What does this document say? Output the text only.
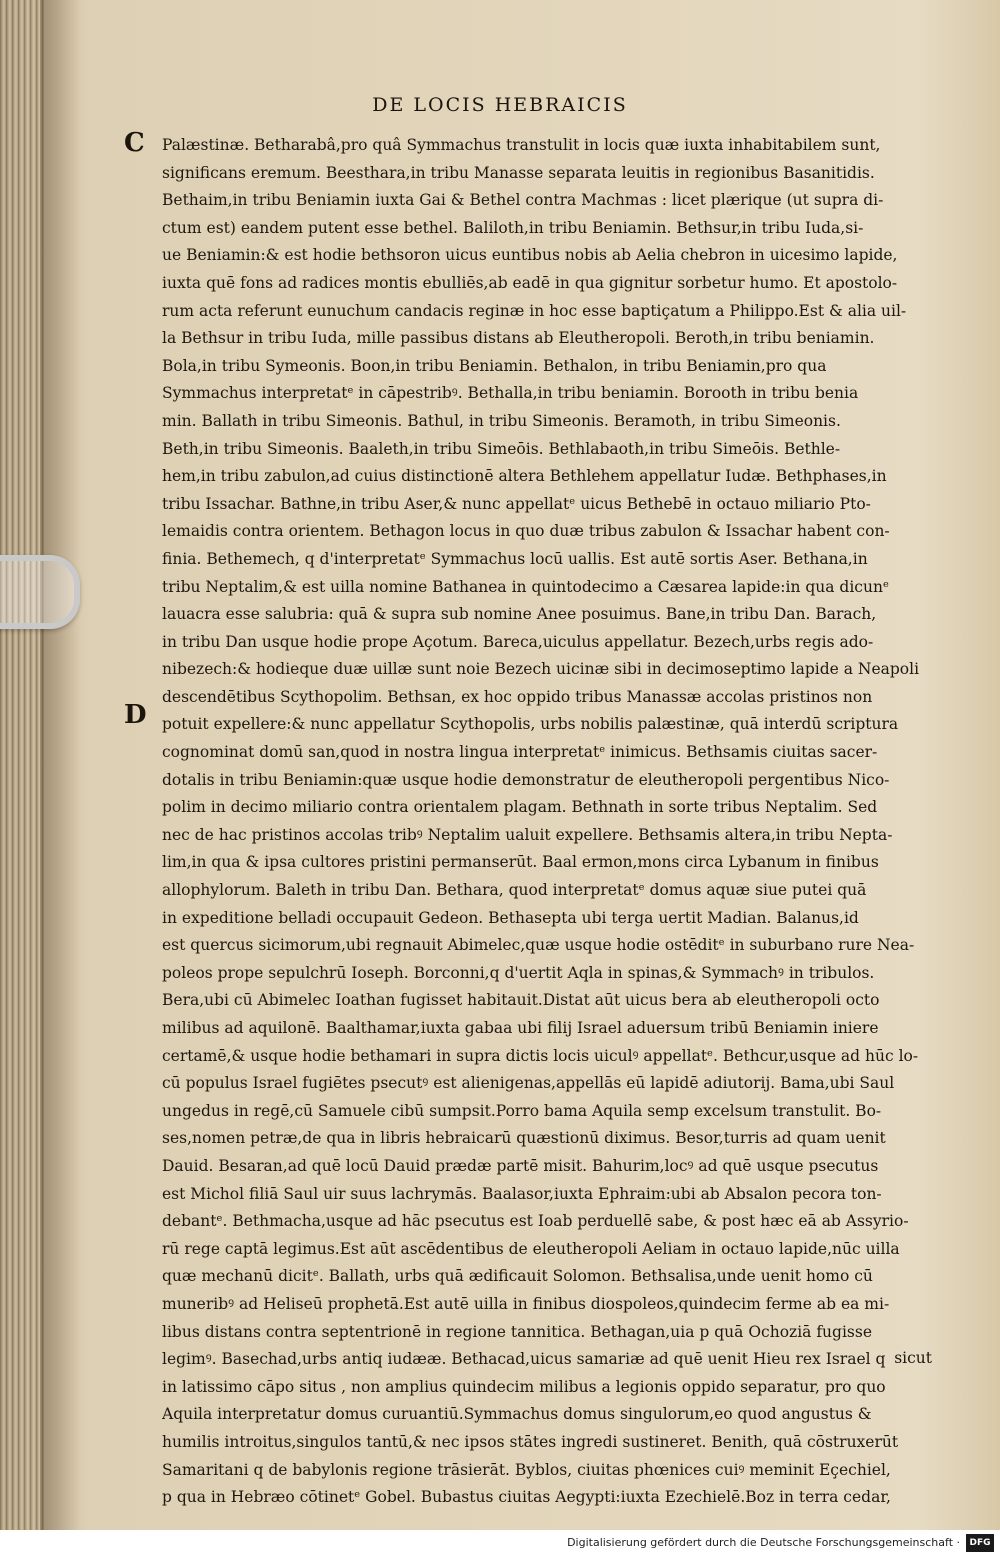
DE LOCIS HEBRAICIS
C
D
Palæstinæ. Betharabâ,pro quâ Symmachus transtulit in locis quæ iuxta inhabitabilem sunt,
significans eremum. Beesthara,in tribu Manasse separata leuitis in regionibus Basanitidis.
Bethaim,in tribu Beniamin iuxta Gai & Bethel contra Machmas : licet plærique (ut supra di-
ctum est) eandem putent esse bethel. Baliloth,in tribu Beniamin. Bethsur,in tribu Iuda,si-
ue Beniamin:& est hodie bethsoron uicus euntibus nobis ab Aelia chebron in uicesimo lapide,
iuxta quē fons ad radices montis ebulliēs,ab eadē in qua gignitur sorbetur humo. Et apostolo-
rum acta referunt eunuchum candacis reginæ in hoc esse baptiçatum a Philippo.Est & alia uil-
la Bethsur in tribu Iuda, mille passibus distans ab Eleutheropoli. Beroth,in tribu beniamin.
Bola,in tribu Symeonis. Boon,in tribu Beniamin. Bethalon, in tribu Beniamin,pro qua
Symmachus interpretatᵉ in cāpestribꝰ. Bethalla,in tribu beniamin. Borooth in tribu benia
min. Ballath in tribu Simeonis. Bathul, in tribu Simeonis. Beramoth, in tribu Simeonis.
Beth,in tribu Simeonis. Baaleth,in tribu Simeōis. Bethlabaoth,in tribu Simeōis. Bethle-
hem,in tribu zabulon,ad cuius distinctionē altera Bethlehem appellatur Iudæ. Bethphases,in
tribu Issachar. Bathne,in tribu Aser,& nunc appellatᵉ uicus Bethebē in octauo miliario Pto-
lemaidis contra orientem. Bethagon locus in quo duæ tribus zabulon & Issachar habent con-
finia. Bethemech, q d'interpretatᵉ Symmachus locū uallis. Est autē sortis Aser. Bethana,in
tribu Neptalim,& est uilla nomine Bathanea in quintodecimo a Cæsarea lapide:in qua dicunᵉ
lauacra esse salubria: quā & supra sub nomine Anee posuimus. Bane,in tribu Dan. Barach,
in tribu Dan usque hodie prope Açotum. Bareca,uiculus appellatur. Bezech,urbs regis ado-
nibezech:& hodieque duæ uillæ sunt noie Bezech uicinæ sibi in decimoseptimo lapide a Neapoli
descendētibus Scythopolim. Bethsan, ex hoc oppido tribus Manassæ accolas pristinos non
potuit expellere:& nunc appellatur Scythopolis, urbs nobilis palæstinæ, quā interdū scriptura
cognominat domū san,quod in nostra lingua interpretatᵉ inimicus. Bethsamis ciuitas sacer-
dotalis in tribu Beniamin:quæ usque hodie demonstratur de eleutheropoli pergentibus Nico-
polim in decimo miliario contra orientalem plagam. Bethnath in sorte tribus Neptalim. Sed
nec de hac pristinos accolas tribꝰ Neptalim ualuit expellere. Bethsamis altera,in tribu Nepta-
lim,in qua & ipsa cultores pristini permanserūt. Baal ermon,mons circa Lybanum in finibus
allophylorum. Baleth in tribu Dan. Bethara, quod interpretatᵉ domus aquæ siue putei quā
in expeditione belladi occupauit Gedeon. Bethasepta ubi terga uertit Madian. Balanus,id
est quercus sicimorum,ubi regnauit Abimelec,quæ usque hodie ostēditᵉ in suburbano rure Nea-
poleos prope sepulchrū Ioseph. Borconni,q d'uertit Aqla in spinas,& Symmachꝰ in tribulos.
Bera,ubi cū Abimelec Ioathan fugisset habitauit.Distat aūt uicus bera ab eleutheropoli octo
milibus ad aquilonē. Baalthamar,iuxta gabaa ubi filij Israel aduersum tribū Beniamin iniere
certamē,& usque hodie bethamari in supra dictis locis uiculꝰ appellatᵉ. Bethcur,usque ad hūc lo-
cū populus Israel fugiētes psecutꝰ est alienigenas,appellās eū lapidē adiutorij. Bama,ubi Saul
ungedus in regē,cū Samuele cibū sumpsit.Porro bama Aquila semp excelsum transtulit. Bo-
ses,nomen petræ,de qua in libris hebraicarū quæstionū diximus. Besor,turris ad quam uenit
Dauid. Besaran,ad quē locū Dauid prædæ partē misit. Bahurim,locꝰ ad quē usque psecutus
est Michol filiā Saul uir suus lachrymās. Baalasor,iuxta Ephraim:ubi ab Absalon pecora ton-
debantᵉ. Bethmacha,usque ad hāc psecutus est Ioab perduellē sabe, & post hæc eā ab Assyrio-
rū rege captā legimus.Est aūt ascēdentibus de eleutheropoli Aeliam in octauo lapide,nūc uilla
quæ mechanū dicitᵉ. Ballath, urbs quā ædificauit Solomon. Bethsalisa,unde uenit homo cū
muneribꝰ ad Heliseū prophetā.Est autē uilla in finibus diospoleos,quindecim ferme ab ea mi-
libus distans contra septentrionē in regione tannitica. Bethagan,uia p quā Ochoziā fugisse
legimꝰ. Basechad,urbs antiq iudææ. Bethacad,uicus samariæ ad quē uenit Hieu rex Israel q
in latissimo cāpo situs , non amplius quindecim milibus a legionis oppido separatur, pro quo
Aquila interpretatur domus curuantiū.Symmachus domus singulorum,eo quod angustus &
humilis introitus,singulos tantū,& nec ipsos stātes ingredi sustineret. Benith, quā cōstruxerūt
Samaritani q de babylonis regione trāsierāt. Byblos, ciuitas phœnices cuiꝰ meminit Eçechiel,
p qua in Hebræo cōtinetᵉ Gobel. Bubastus ciuitas Aegypti:iuxta Ezechielē.Boz in terra cedar,
sicut
Digitalisierung gefördert durch die Deutsche Forschungsgemeinschaft ·	DFG
